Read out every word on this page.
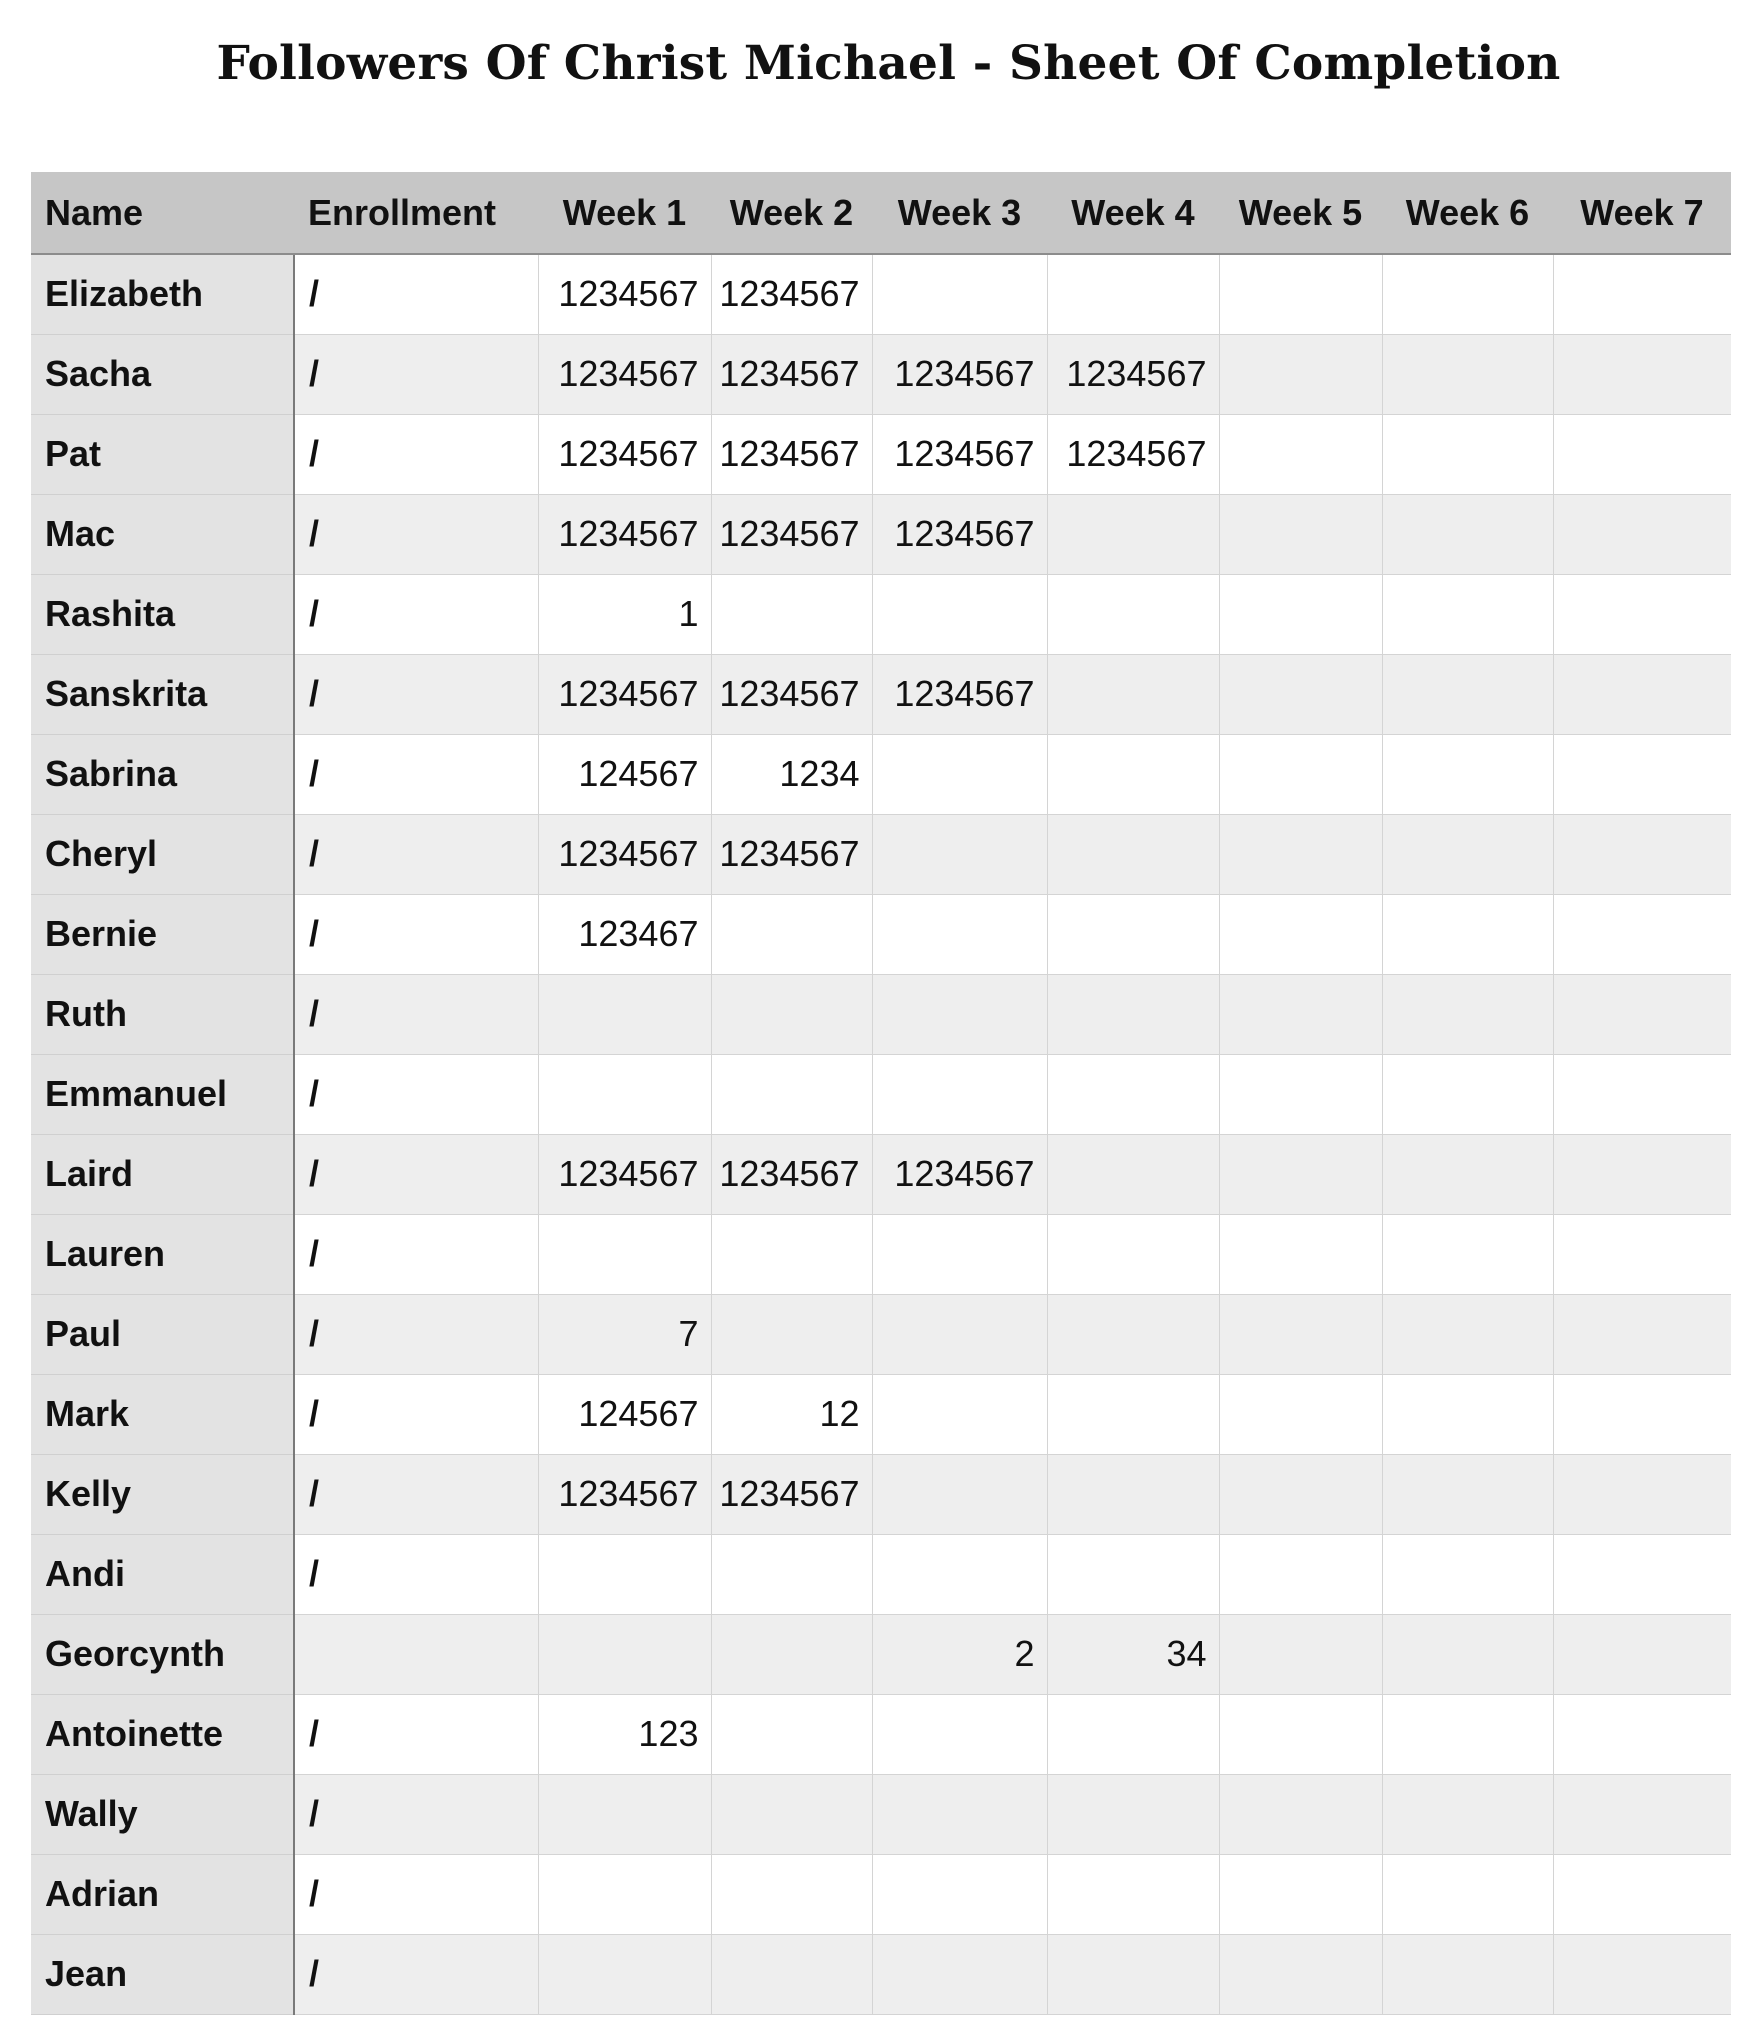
Followers Of Christ Michael - Sheet Of Completion
Name	Enrollment	Week 1	Week 2	Week 3	Week 4	Week 5	Week 6	Week 7
Elizabeth	/	1234567	1234567					
Sacha	/	1234567	1234567	1234567	1234567			
Pat	/	1234567	1234567	1234567	1234567			
Mac	/	1234567	1234567	1234567				
Rashita	/	1						
Sanskrita	/	1234567	1234567	1234567				
Sabrina	/	124567	1234					
Cheryl	/	1234567	1234567					
Bernie	/	123467						
Ruth	/							
Emmanuel	/							
Laird	/	1234567	1234567	1234567				
Lauren	/							
Paul	/	7						
Mark	/	124567	12					
Kelly	/	1234567	1234567					
Andi	/							
Georcynth				2	34			
Antoinette	/	123						
Wally	/							
Adrian	/							
Jean	/							
